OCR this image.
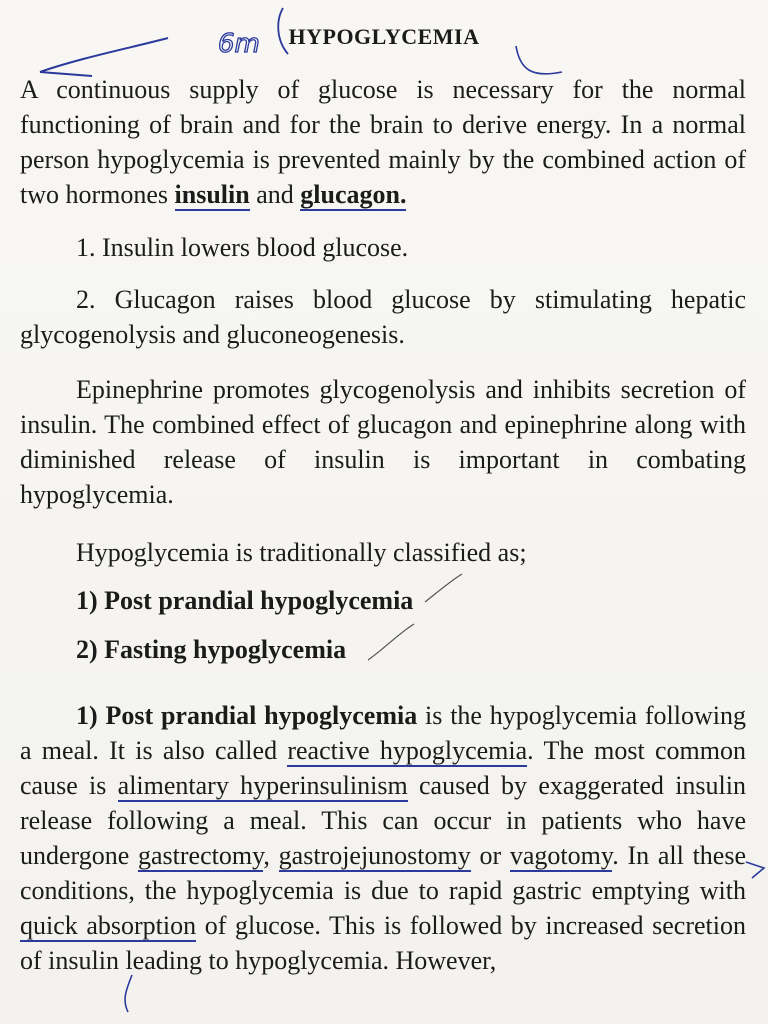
HYPOGLYCEMIA
A continuous supply of glucose is necessary for the normal functioning of brain and for the brain to derive energy. In a normal person hypoglycemia is prevented mainly by the combined action of two hormones insulin and glucagon.
1. Insulin lowers blood glucose.
2. Glucagon raises blood glucose by stimulating hepatic glycogenolysis and gluconeogenesis.
Epinephrine promotes glycogenolysis and inhibits secretion of insulin. The combined effect of glucagon and epinephrine along with diminished release of insulin is important in combating hypoglycemia.
Hypoglycemia is traditionally classified as;
1) Post prandial hypoglycemia
2) Fasting hypoglycemia
1) Post prandial hypoglycemia is the hypoglycemia following a meal. It is also called reactive hypoglycemia. The most common cause is alimentary hyperinsulinism caused by exaggerated insulin release following a meal. This can occur in patients who have undergone gastrectomy, gastrojejunostomy or vagotomy. In all these conditions, the hypoglycemia is due to rapid gastric emptying with quick absorption of glucose. This is followed by increased secretion of insulin leading to hypoglycemia. However,
6m
